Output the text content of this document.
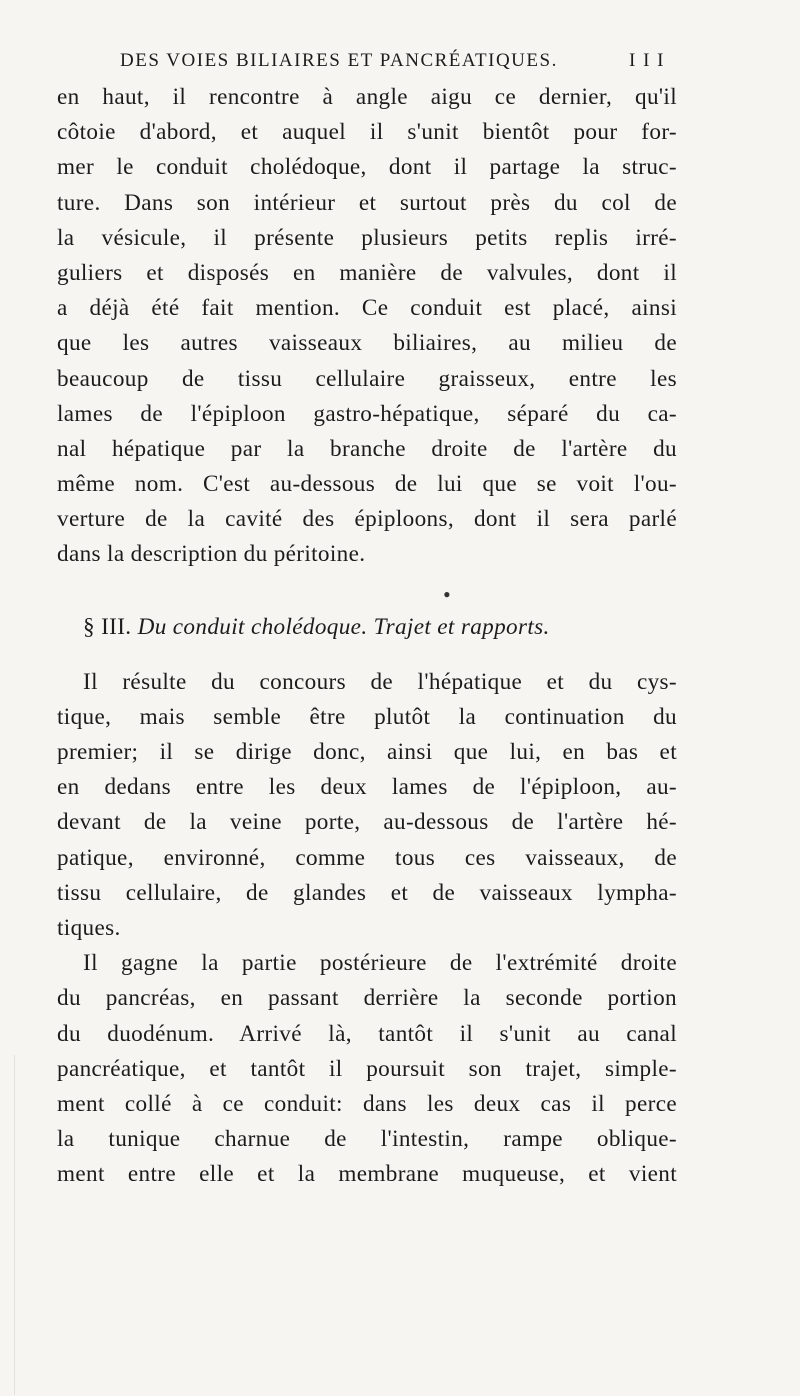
DES VOIES BILIAIRES ET PANCRÉATIQUES.	I I I
en haut, il rencontre à angle aigu ce dernier, qu'il
côtoie d'abord, et auquel il s'unit bientôt pour for-
mer le conduit cholédoque, dont il partage la struc-
ture. Dans son intérieur et surtout près du col de
la vésicule, il présente plusieurs petits replis irré-
guliers et disposés en manière de valvules, dont il
a déjà été fait mention. Ce conduit est placé, ainsi
que les autres vaisseaux biliaires, au milieu de
beaucoup de tissu cellulaire graisseux, entre les
lames de l'épiploon gastro-hépatique, séparé du ca-
nal hépatique par la branche droite de l'artère du
même nom. C'est au-dessous de lui que se voit l'ou-
verture de la cavité des épiploons, dont il sera parlé
dans la description du péritoine.
●
§ III. Du conduit cholédoque. Trajet et rapports.
Il résulte du concours de l'hépatique et du cys-
tique, mais semble être plutôt la continuation du
premier; il se dirige donc, ainsi que lui, en bas et
en dedans entre les deux lames de l'épiploon, au-
devant de la veine porte, au-dessous de l'artère hé-
patique, environné, comme tous ces vaisseaux, de
tissu cellulaire, de glandes et de vaisseaux lympha-
tiques.
Il gagne la partie postérieure de l'extrémité droite
du pancréas, en passant derrière la seconde portion
du duodénum. Arrivé là, tantôt il s'unit au canal
pancréatique, et tantôt il poursuit son trajet, simple-
ment collé à ce conduit: dans les deux cas il perce
la tunique charnue de l'intestin, rampe oblique-
ment entre elle et la membrane muqueuse, et vient
